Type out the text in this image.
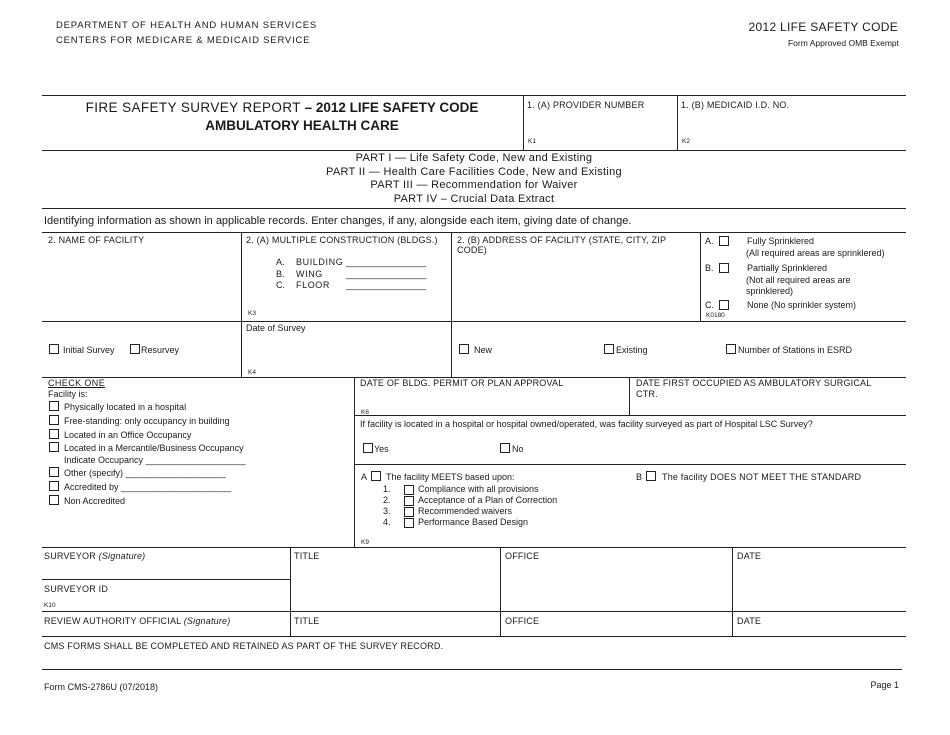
DEPARTMENT OF HEALTH AND HUMAN SERVICES
CENTERS FOR MEDICARE & MEDICAID SERVICE
2012 LIFE SAFETY CODE
Form Approved OMB Exempt
FIRE SAFETY SURVEY REPORT – 2012 LIFE SAFETY CODE
AMBULATORY HEALTH CARE
1. (A) PROVIDER NUMBER
K1
1. (B) MEDICAID I.D. NO.
K2
PART I — Life Safety Code, New and Existing
PART II — Health Care Facilities Code, New and Existing
PART III — Recommendation for Waiver
PART IV – Crucial Data Extract
Identifying information as shown in applicable records. Enter changes, if any, alongside each item, giving date of change.
2. NAME OF FACILITY	2. (A) MULTIPLE CONSTRUCTION (BLDGS.)
A. BUILDING ________________
B. WING	________________
C. FLOOR ________________
K3
2. (B) ADDRESS OF FACILITY (STATE, CITY, ZIP
CODE)
A.	Fully Sprinklered
(All required areas are sprinklered)
B.	Partially Sprinklered
(Not all required areas are
sprinklered)
C.	None (No sprinkler system)
K0180
Initial Survey	Resurvey
Date of Survey
K4
New	Existing	Number of Stations in ESRD
CHECK ONE
Facility is:
Physically located in a hospital
Free-standing: only occupancy in building
Located in an Office Occupancy
Located in a Mercantile/Business Occupancy
Indicate Occupancy ____________________
Other (specify) ____________________
Accredited by ______________________
Non Accredited
DATE OF BLDG. PERMIT OR PLAN APPROVAL
K6
DATE FIRST OCCUPIED AS AMBULATORY SURGICAL
CTR.
If facility is located in a hospital or hospital owned/operated, was facility surveyed as part of Hospital LSC Survey?
Yes	No
A The facility MEETS based upon:
1.	Compliance with all provisions
2.	Acceptance of a Plan of Correction
3.	Recommended waivers
4.	Performance Based Design
B The facility DOES NOT MEET THE STANDARD
K9
SURVEYOR (Signature)	TITLE	OFFICE	DATE
SURVEYOR ID
K10
REVIEW AUTHORITY OFFICIAL (Signature)	TITLE	OFFICE	DATE
CMS FORMS SHALL BE COMPLETED AND RETAINED AS PART OF THE SURVEY RECORD.
Form CMS-2786U (07/2018)	Page 1
